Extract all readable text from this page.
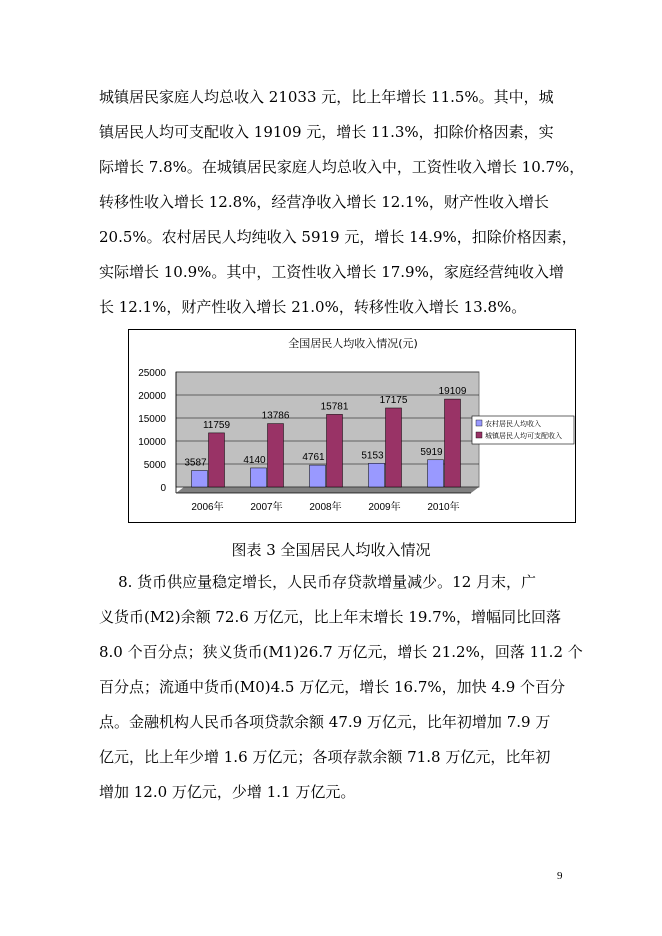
城镇居民家庭人均总收入 21033 元，比上年增长 11.5%。其中，城
镇居民人均可支配收入 19109 元，增长 11.3%，扣除价格因素，实
际增长 7.8%。在城镇居民家庭人均总收入中，工资性收入增长 10.7%，
转移性收入增长 12.8%，经营净收入增长 12.1%，财产性收入增长
20.5%。农村居民人均纯收入 5919 元，增长 14.9%，扣除价格因素，
实际增长 10.9%。其中，工资性收入增长 17.9%，家庭经营纯收入增
长 12.1%，财产性收入增长 21.0%，转移性收入增长 13.8%。
全国居民人均收入情况(元)
0
5000
10000
15000
20000
25000
3587
11759
2006年
4140
13786
2007年
4761
15781
2008年
5153
17175
2009年
5919
19109
2010年
农村居民人均收入
城镇居民人均可支配收入
图表 3 全国居民人均收入情况
8. 货币供应量稳定增长，人民币存贷款增量减少。12 月末，广
义货币(M2)余额 72.6 万亿元，比上年末增长 19.7%，增幅同比回落
8.0 个百分点；狭义货币(M1)26.7 万亿元，增长 21.2%，回落 11.2 个
百分点；流通中货币(M0)4.5 万亿元，增长 16.7%，加快 4.9 个百分
点。金融机构人民币各项贷款余额 47.9 万亿元，比年初增加 7.9 万
亿元，比上年少增 1.6 万亿元；各项存款余额 71.8 万亿元，比年初
增加 12.0 万亿元，少增 1.1 万亿元。
9
